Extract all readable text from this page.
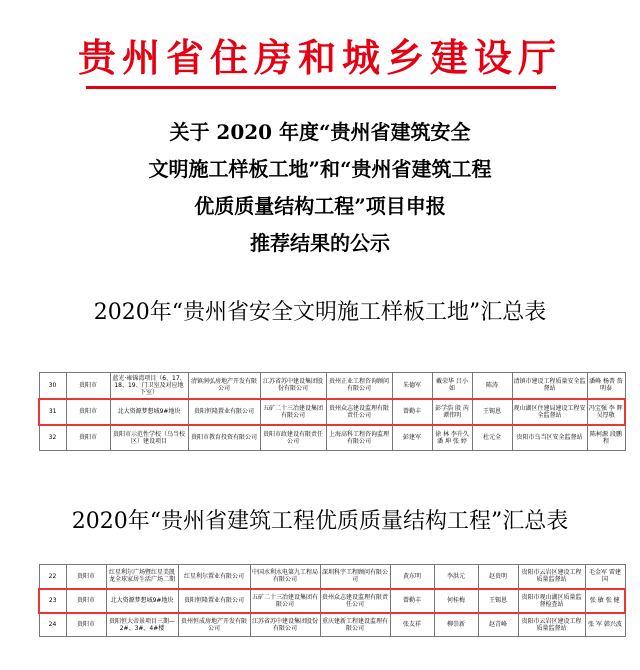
贵州省住房和城乡建设厅
关于 2020 年度“贵州省建筑安全
文明施工样板工地”和“贵州省建筑工程
优质质量结构工程”项目申报
推荐结果的公示
2020年“贵州省安全文明施工样板工地”汇总表
30	贵阳市	蓝光·雍锦湾项目（6、17、18、19、门卫室及对应地下室）	清镇润弘房地产开发有限公司	江苏省苏中建设集团股份有限公司	贵州正业工程咨询顾问有限公司	朱德军	戴荣华 吕小如	陈涛	清镇市建设工程质量安全监督站	潘峰 杨普 詹明泰
31	贵阳市	北大资源梦想城9#地块	贵阳恒隆置业有限公司	五矿二十三冶建设集团有限公司	贵州众志建设监理有限责任公司	曾勤丰	彭学浩 殷 芮 谭伟明	王锡恩	观山湖区住建局建设工程安全监督站	冯宝强 李 辉 吴厚敬
32	贵阳市	贵阳市示范性学校（乌当校区）建设项目	贵阳市教育投资有限公司	贵阳市政建设有限责任公司	上海高科工程咨询监理有限公司	彭建军	徐 林 李升久 潘 坤 张 婷	杜元全	贵阳市乌当区安全监督站	陈柯源 段鹏程
2020年“贵州省建筑工程优质质量结构工程”汇总表
22	贵阳市	红星利尔广场暨红星美凯龙全球家居生活广场二期	红星利尔置业有限公司	中国水利水电第九工程局有限公司	深圳科宇工程顾问有限公司	黄东明	李洪元	赵贵明	贵阳市云岩区建设工程质量监督站	毛金军 雷建国
23	贵阳市	北大资源梦想城9#地块	贵阳恒隆置业有限公司	五矿二十三冶建设集团有限公司	贵州众志建设监理有限责任公司	曾勤丰	何桂梅	王锡恩	贵阳市观山湖区质量监督检查站	张 敏 张 健
24	贵阳市	贵阳恒大帝景项目三期—2#、3#、4#楼	贵州恒成房地产开发有限公司	江苏省苏中建设集团股份有限公司	重庆建新工程建设监理有限公司	张友祥	柳崇新	赵青峰	贵阳市云岩区建设工程质量监督站	张 军 韩兴波
